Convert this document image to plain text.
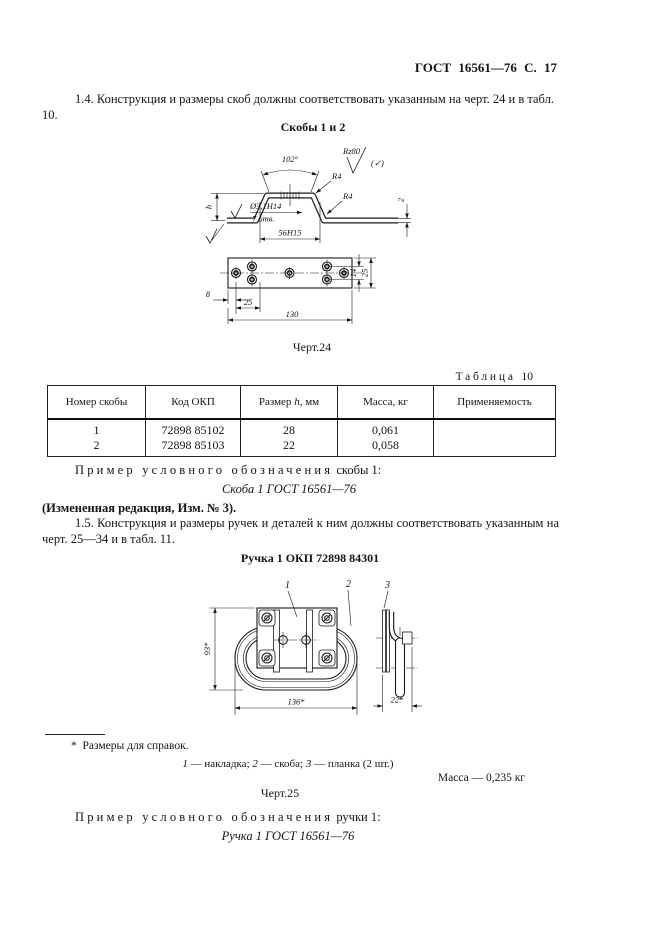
ГОСТ 16561—76 С. 17
1.4. Конструкция и размеры скоб должны соответствовать указанным на черт. 24 и в табл. 10.
Скобы 1 и 2
Rz80
(✓)
102°
R4
R4
Ø3,1H14
7 отв.
56H15
h
2
8
25
130
14 25
Черт.24
Таблица 10
Номер скобы	Код ОКП	Размер h, мм	Масса, кг	Применяемость
1	72898 85102	28	0,061	
2	72898 85103	22	0,058	
Пример условного обозначения скобы 1:
Скоба 1 ГОСТ 16561—76
(Измененная редакция, Изм. № 3).
1.5. Конструкция и размеры ручек и деталей к ним должны соответствовать указанным на черт. 25—34 и в табл. 11.
Ручка 1 ОКП 72898 84301
1	2	3
93*
136*	22*
*  Размеры для справок.
1 — накладка; 2 — скоба; 3 — планка (2 шт.)
Масса — 0,235 кг
Черт.25
Пример условного обозначения ручки 1:
Ручка 1 ГОСТ 16561—76
